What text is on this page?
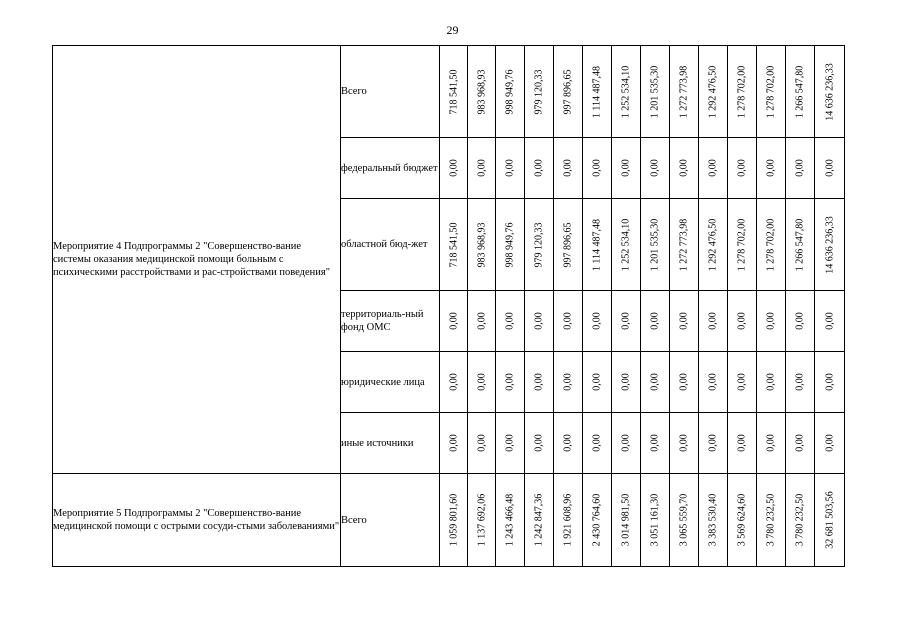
29
Мероприятие 4 Подпрограммы 2 "Совершенство-вание системы оказания медицинской помощи больным с психическими расстройствами и рас-стройствами поведения"	Всего	718 541,50	983 968,93	998 949,76	979 120,33	997 896,65	1 114 487,48	1 252 534,10	1 201 535,30	1 272 773,98	1 292 476,50	1 278 702,00	1 278 702,00	1 266 547,80	14 636 236,33

	федеральный бюджет	0,00	0,00	0,00	0,00	0,00	0,00	0,00	0,00	0,00	0,00	0,00	0,00	0,00	0,00

	областной бюд-жет	718 541,50	983 968,93	998 949,76	979 120,33	997 896,65	1 114 487,48	1 252 534,10	1 201 535,30	1 272 773,98	1 292 476,50	1 278 702,00	1 278 702,00	1 266 547,80	14 636 236,33

	территориаль-ный фонд ОМС	0,00	0,00	0,00	0,00	0,00	0,00	0,00	0,00	0,00	0,00	0,00	0,00	0,00	0,00

	юридические лица	0,00	0,00	0,00	0,00	0,00	0,00	0,00	0,00	0,00	0,00	0,00	0,00	0,00	0,00

	иные источники	0,00	0,00	0,00	0,00	0,00	0,00	0,00	0,00	0,00	0,00	0,00	0,00	0,00	0,00

Мероприятие 5 Подпрограммы 2 "Совершенство-вание медицинской помощи с острыми сосуди-стыми заболеваниями"	Всего	1 059 801,60	1 137 692,06	1 243 466,48	1 242 847,36	1 921 608,96	2 430 764,60	3 014 981,50	3 051 161,30	3 065 559,70	3 383 530,40	3 569 624,60	3 780 232,50	3 780 232,50	32 681 503,56
